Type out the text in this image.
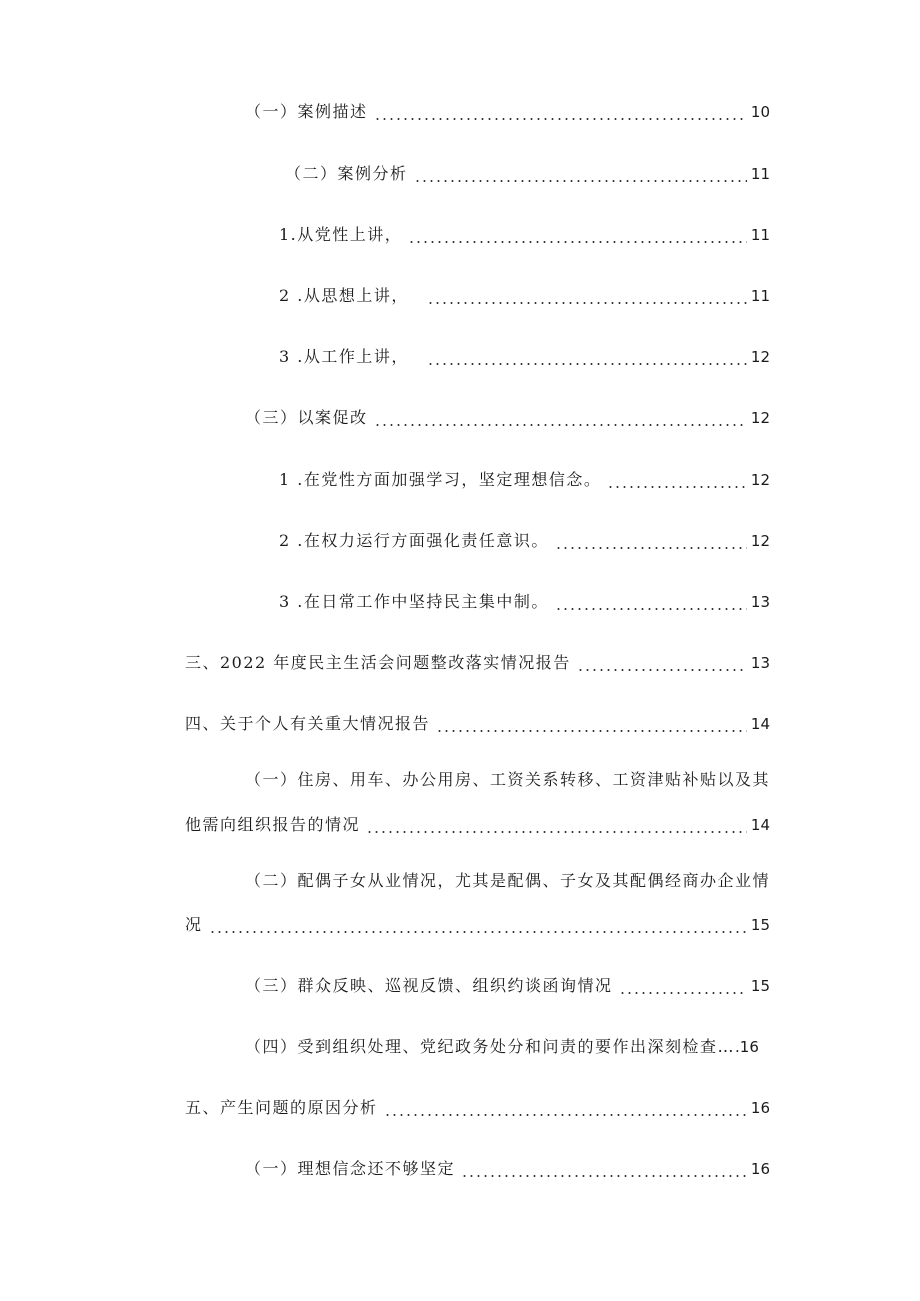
（一）案例描述	10
（二）案例分析	11
1.从党性上讲，	11
2 .从思想上讲，	11
3 .从工作上讲，	12
（三）以案促改	12
1 .在党性方面加强学习，坚定理想信念。	12
2 .在权力运行方面强化责任意识。	12
3 .在日常工作中坚持民主集中制。	13
三、2022 年度民主生活会问题整改落实情况报告	13
四、关于个人有关重大情况报告	14
（一）住房、用车、办公用房、工资关系转移、工资津贴补贴以及其
他需向组织报告的情况	14
（二）配偶子女从业情况，尤其是配偶、子女及其配偶经商办企业情
况	15
（三）群众反映、巡视反馈、组织约谈函询情况	15
（四）受到组织处理、党纪政务处分和问责的要作出深刻检查… .16
五、产生问题的原因分析	16
（一）理想信念还不够坚定	16
